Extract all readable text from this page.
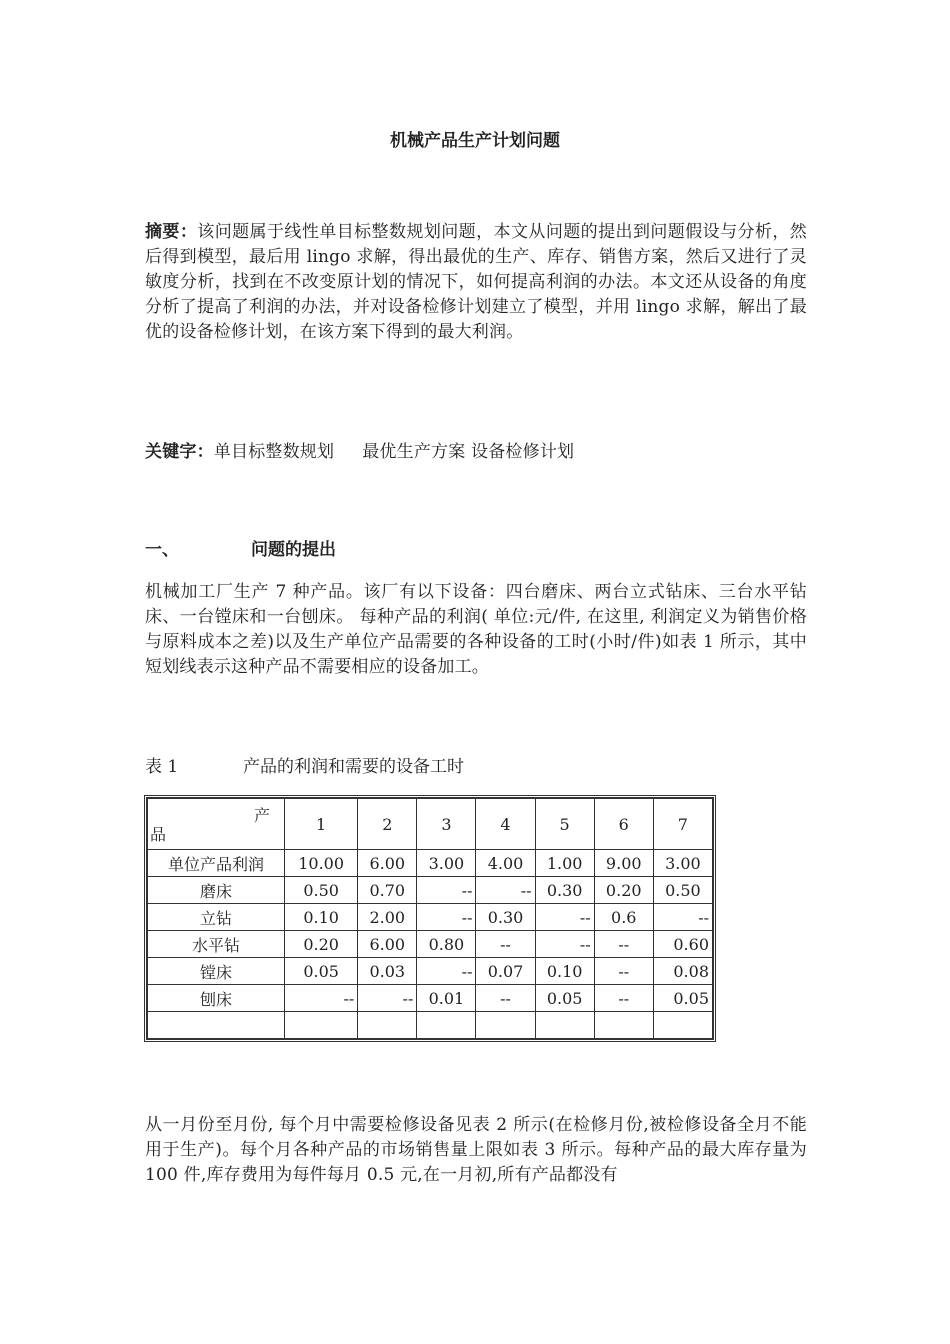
机械产品生产计划问题
摘要：该问题属于线性单目标整数规划问题，本文从问题的提出到问题假设与分析，然后得到模型，最后用 lingo 求解，得出最优的生产、库存、销售方案，然后又进行了灵敏度分析，找到在不改变原计划的情况下，如何提高利润的办法。本文还从设备的角度分析了提高了利润的办法，并对设备检修计划建立了模型，并用 lingo 求解，解出了最优的设备检修计划，在该方案下得到的最大利润。
关键字：单目标整数规划 最优生产方案 设备检修计划
一、	问题的提出
机械加工厂生产 7 种产品。该厂有以下设备：四台磨床、两台立式钻床、三台水平钻床、一台镗床和一台刨床。 每种产品的利润( 单位:元/件, 在这里, 利润定义为销售价格与原料成本之差)以及生产单位产品需要的各种设备的工时(小时/件)如表 1 所示，其中短划线表示这种产品不需要相应的设备加工。
表 1	产品的利润和需要的设备工时
产
品	1	2	3	4	5	6	7
单位产品利润	10.00	6.00	3.00	4.00	1.00	9.00	3.00
磨床	0.50	0.70	--	--	0.30	0.20	0.50
立钻	0.10	2.00	--	0.30	--	0.6	--
水平钻	0.20	6.00	0.80	--	--	--	0.60
镗床	0.05	0.03	--	0.07	0.10	--	0.08
刨床	--	--	0.01	--	0.05	--	0.05

从一月份至月份, 每个月中需要检修设备见表 2 所示(在检修月份,被检修设备全月不能用于生产)。每个月各种产品的市场销售量上限如表 3 所示。每种产品的最大库存量为 100 件,库存费用为每件每月 0.5 元,在一月初,所有产品都没有
